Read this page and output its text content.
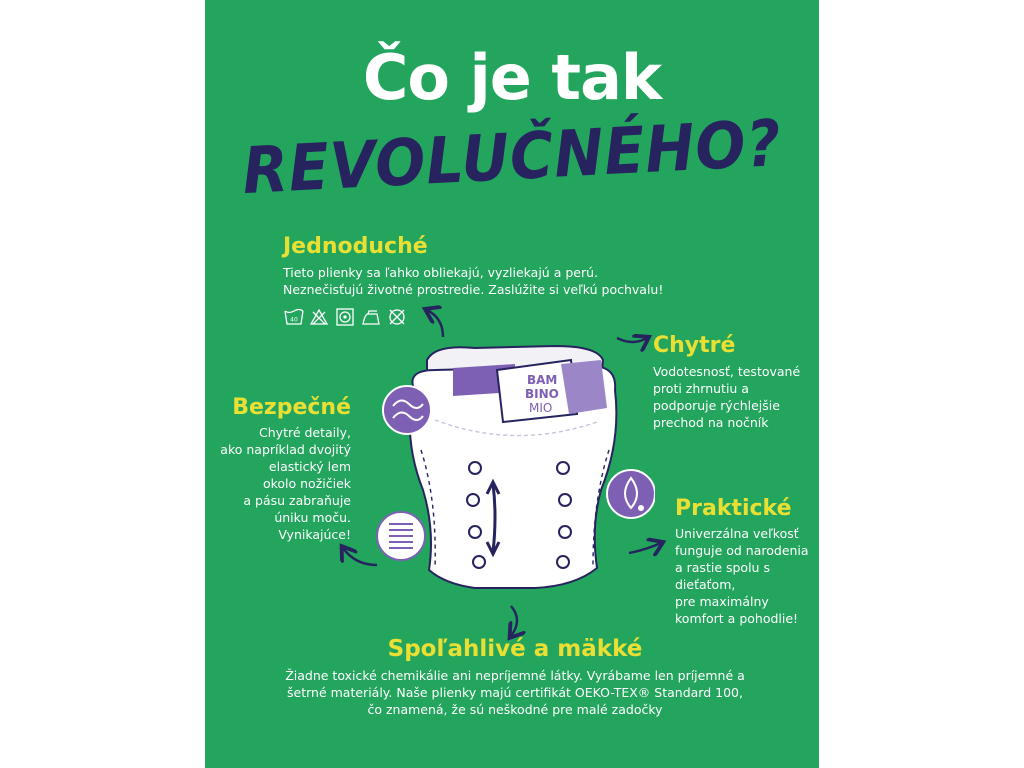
Čo je tak
REVOLUČNÉHO?
Jednoduché
Tieto plienky sa ľahko obliekajú, vyzliekajú a perú.
Neznečisťujú životné prostredie. Zaslúžite si veľkú pochvalu!
40
Chytré
Vodotesnosť, testované
proti zhrnutiu a
podporuje rýchlejšie
prechod na nočník
Bezpečné
Chytré detaily,
ako napríklad dvojitý
elastický lem
okolo nožičiek
a pásu zabraňuje
úniku moču.
Vynikajúce!
Praktické
Univerzálna veľkosť
funguje od narodenia
a rastie spolu s
dieťaťom,
pre maximálny
komfort a pohodlie!
Spoľahlivé a mäkké
Žiadne toxické chemikálie ani nepríjemné látky. Vyrábame len príjemné a
šetrné materiály. Naše plienky majú certifikát OEKO-TEX® Standard 100,
čo znamená, že sú neškodné pre malé zadočky
BAM
BINO
MIO
